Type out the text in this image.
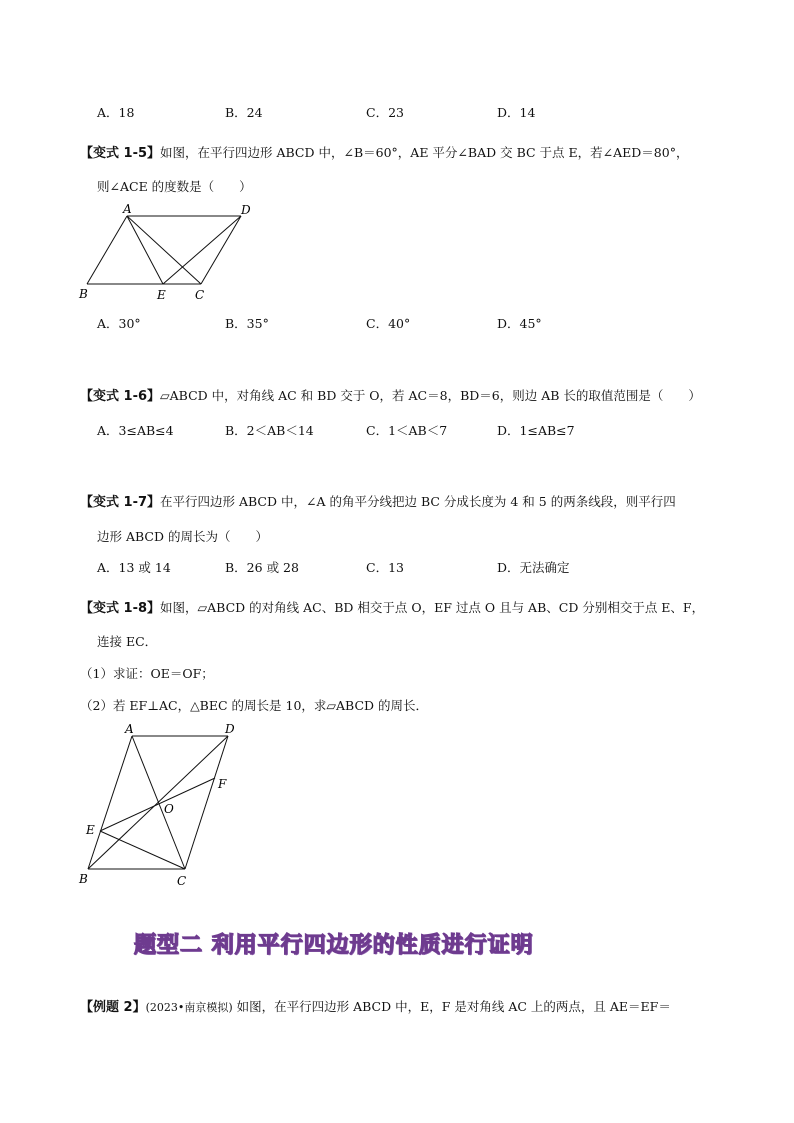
A．18	B．24	C．23	D．14
【变式 1-5】如图，在平行四边形 ABCD 中，∠B＝60°，AE 平分∠BAD 交 BC 于点 E，若∠AED＝80°，
则∠ACE 的度数是（　　）
A	D
B	E C
A．30°	B．35°	C．40°	D．45°
【变式 1-6】▱ABCD 中，对角线 AC 和 BD 交于 O，若 AC＝8，BD＝6，则边 AB 长的取值范围是（　　）
A．3≤AB≤4	B．2＜AB＜14	C．1＜AB＜7	D．1≤AB≤7
【变式 1-7】在平行四边形 ABCD 中，∠A 的角平分线把边 BC 分成长度为 4 和 5 的两条线段，则平行四
边形 ABCD 的周长为（　　）
A．13 或 14	B．26 或 28	C．13	D．无法确定
【变式 1-8】如图，▱ABCD 的对角线 AC、BD 相交于点 O，EF 过点 O 且与 AB、CD 分别相交于点 E、F，
连接 EC．
（1）求证：OE＝OF；
（2）若 EF⊥AC，△BEC 的周长是 10，求▱ABCD 的周长．
A	D
F
O
E
B	C
题型二 利用平行四边形的性质进行证明
【例题 2】(2023•南京模拟) 如图，在平行四边形 ABCD 中，E，F 是对角线 AC 上的两点，且 AE＝EF＝
